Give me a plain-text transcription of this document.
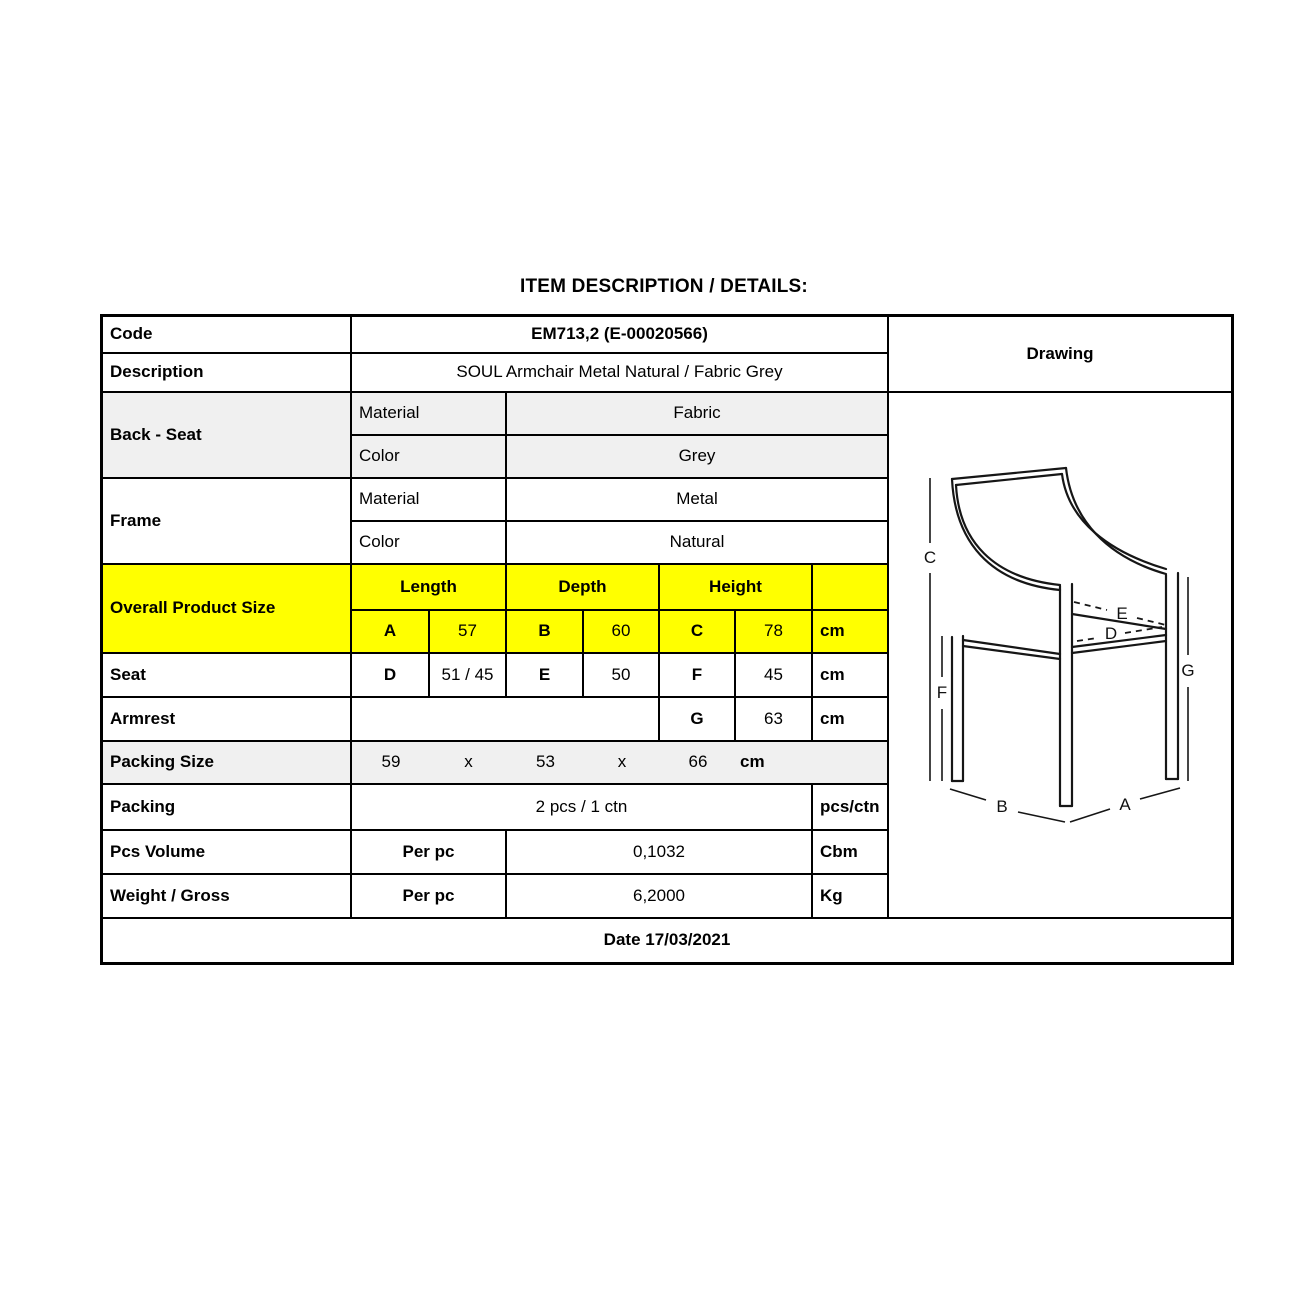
ITEM DESCRIPTION / DETAILS:
Code	EM713,2 (E-00020566)
Drawing
Description	SOUL Armchair Metal Natural / Fabric Grey
Back - Seat
Material	Fabric
Color	Grey
C
F
G
E
D
B	A
Frame
Material	Metal
Color	Natural
Overall Product Size
Length	Depth	Height
A	57	B	60	C	78	cm
Seat	D	51 / 45	E	50	F	45	cm
Armrest	G	63	cm
Packing Size	59	x	53	x	66	cm
Packing	2 pcs / 1 ctn	pcs/ctn
Pcs Volume	Per pc	0,1032	Cbm
Weight / Gross	Per pc	6,2000	Kg
Date 17/03/2021
